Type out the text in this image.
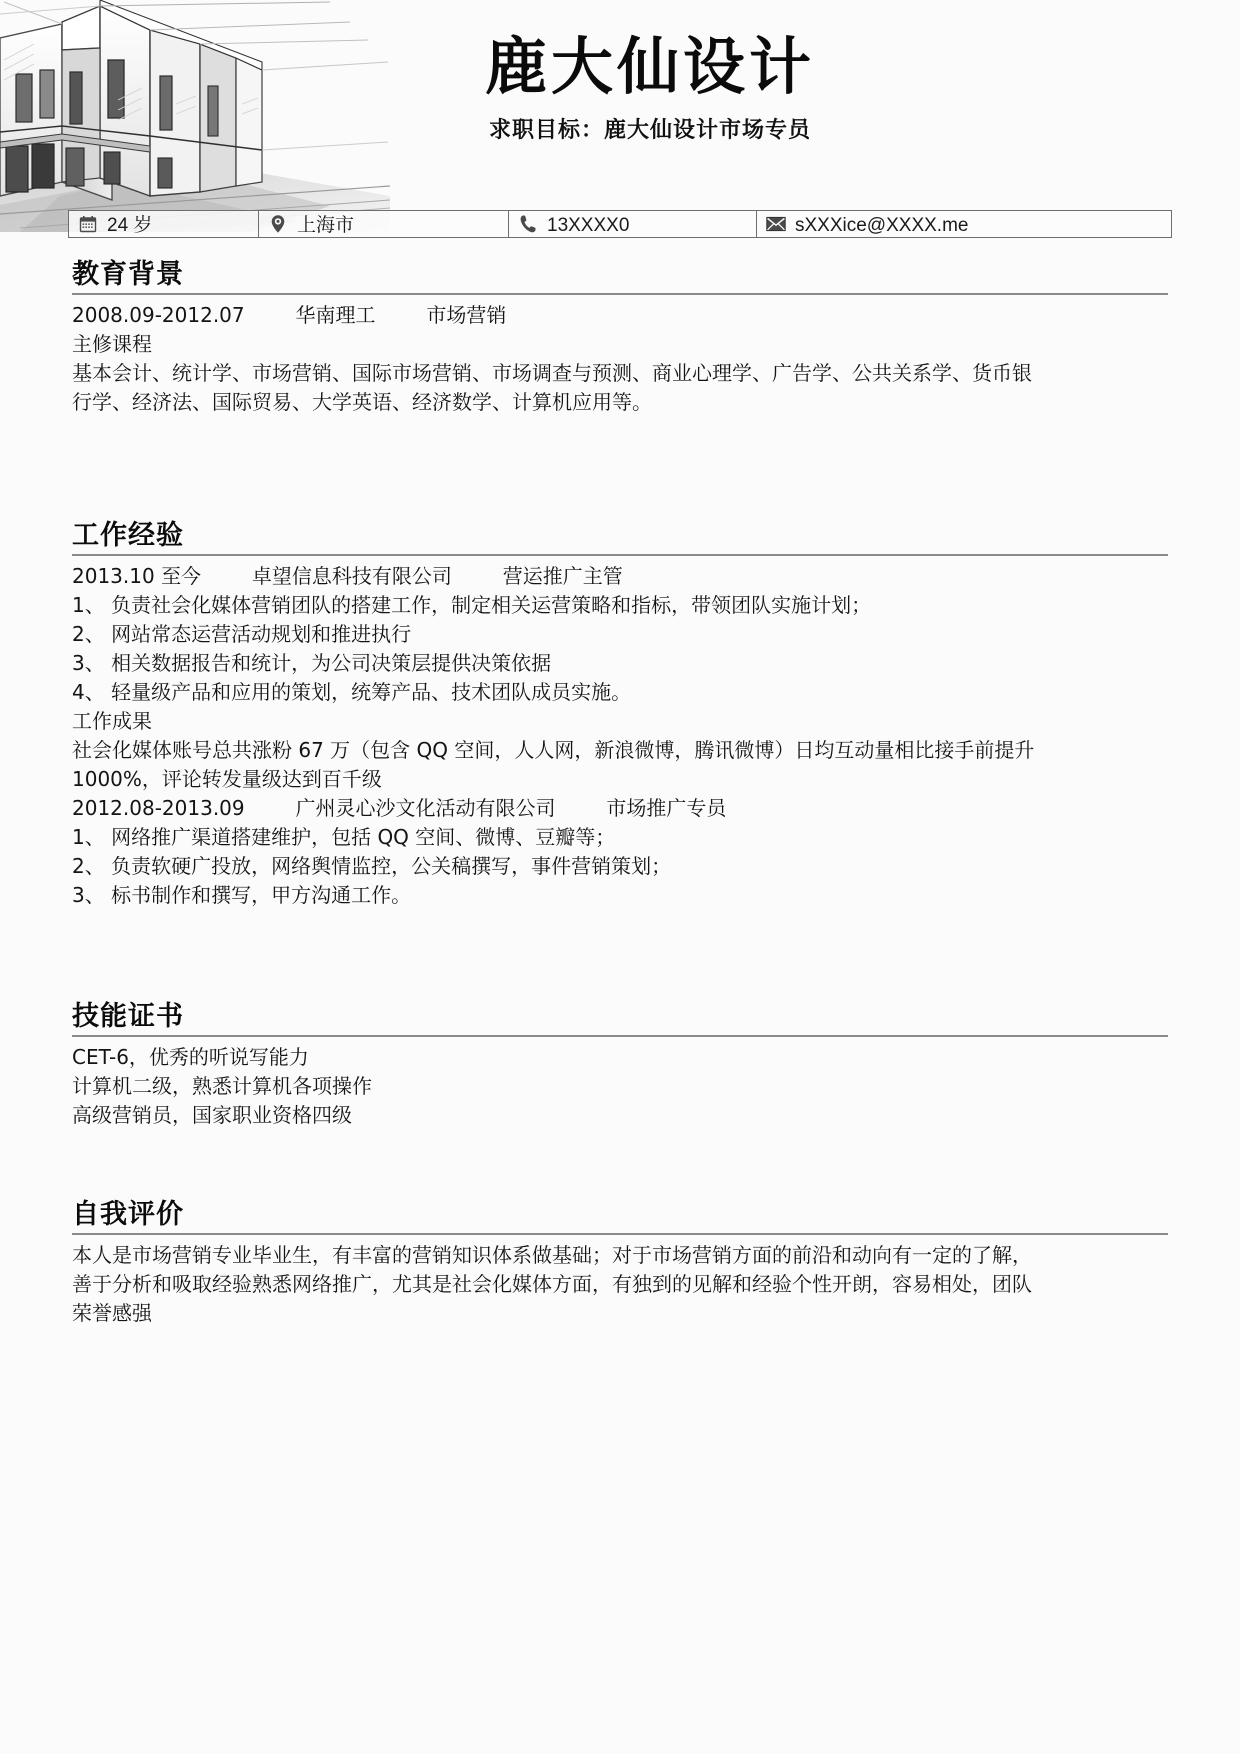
鹿大仙设计
求职目标：鹿大仙设计市场专员
24 岁	上海市	13XXXX0	sXXXice@XXXX.me
教育背景
2008.09-2012.07        华南理工        市场营销
主修课程
基本会计、统计学、市场营销、国际市场营销、市场调查与预测、商业心理学、广告学、公共关系学、货币银
行学、经济法、国际贸易、大学英语、经济数学、计算机应用等。
工作经验
2013.10 至今        卓望信息科技有限公司        营运推广主管
1、 负责社会化媒体营销团队的搭建工作，制定相关运营策略和指标，带领团队实施计划；
2、 网站常态运营活动规划和推进执行
3、 相关数据报告和统计，为公司决策层提供决策依据
4、 轻量级产品和应用的策划，统筹产品、技术团队成员实施。
工作成果
社会化媒体账号总共涨粉 67 万（包含 QQ 空间，人人网，新浪微博，腾讯微博）日均互动量相比接手前提升
1000%，评论转发量级达到百千级
2012.08-2013.09        广州灵心沙文化活动有限公司        市场推广专员
1、 网络推广渠道搭建维护，包括 QQ 空间、微博、豆瓣等；
2、 负责软硬广投放，网络舆情监控，公关稿撰写，事件营销策划；
3、 标书制作和撰写，甲方沟通工作。
技能证书
CET-6，优秀的听说写能力
计算机二级，熟悉计算机各项操作
高级营销员，国家职业资格四级
自我评价
本人是市场营销专业毕业生，有丰富的营销知识体系做基础；对于市场营销方面的前沿和动向有一定的了解，
善于分析和吸取经验熟悉网络推广，尤其是社会化媒体方面，有独到的见解和经验个性开朗，容易相处，团队
荣誉感强
